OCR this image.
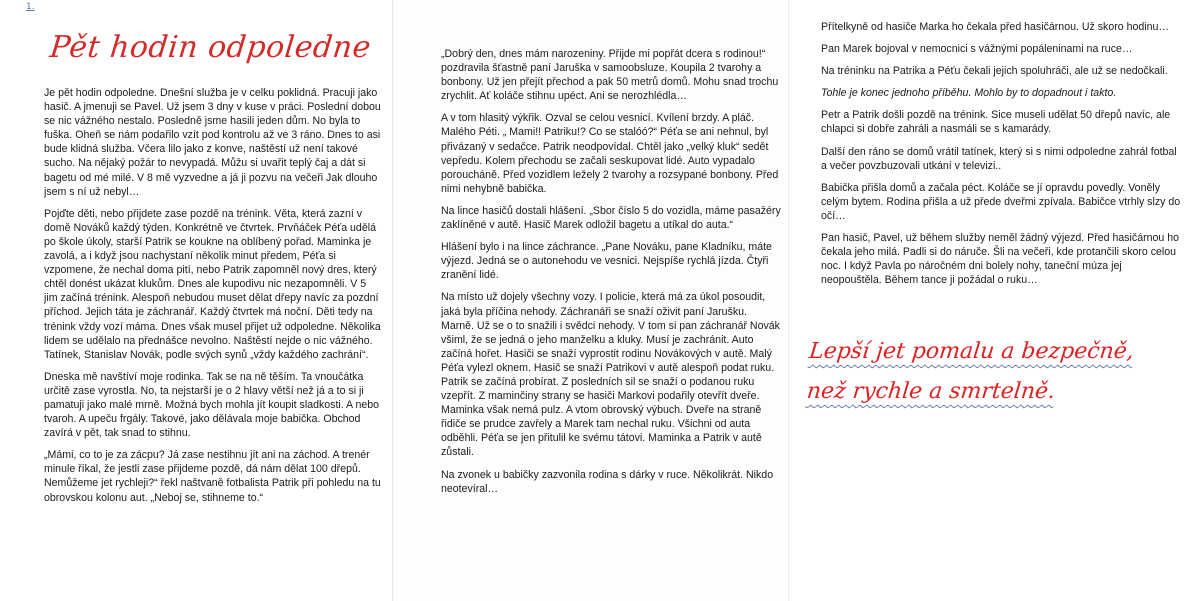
1.
Pět hodin odpoledne

Je pět hodin odpoledne. Dnešní služba je v celku poklidná. Pracuji jako hasič. A jmenuji se Pavel. Už jsem 3 dny v kuse v práci. Poslední dobou se nic vážného nestalo. Posledně jsme hasili jeden dům. No byla to fuška. Oheň se nám podařilo vzít pod kontrolu až ve 3 ráno. Dnes to asi bude klidná služba. Včera lilo jako z konve, naštěstí už není takové sucho. Na nějaký požár to nevypadá. Můžu si uvařit teplý čaj a dát si bagetu od mé milé. V 8 mě vyzvedne a já ji pozvu na večeři Jak dlouho jsem s ní už nebyl…

Pojďte děti, nebo přijdete zase pozdě na trénink. Věta, která zazní v domě Nováků každý týden. Konkrétně ve čtvrtek. Prvňáček Péťa udělá po škole úkoly, starší Patrik se koukne na oblíbený pořad. Maminka je zavolá, a i když jsou nachystaní několik minut předem, Péťa si vzpomene, že nechal doma pití, nebo Patrik zapomněl nový dres, který chtěl donést ukázat klukům. Dnes ale kupodivu nic nezapomněli. V 5 jim začíná trénink. Alespoň nebudou muset dělat dřepy navíc za pozdní příchod. Jejich táta je záchranář. Každý čtvrtek má noční. Děti tedy na trénink vždy vozí máma. Dnes však musel přijet už odpoledne. Několika lidem se udělalo na přednášce nevolno. Naštěstí nejde o nic vážného. Tatínek, Stanislav Novák, podle svých synů „vždy každého zachrání“.

Dneska mě navštíví moje rodinka. Tak se na ně těším. Ta vnoučátka určitě zase vyrostla. No, ta nejstarší je o 2 hlavy větší než já a to si ji pamatuji jako malé mrně. Možná bych mohla jít koupit sladkosti. A nebo tvaroh. A upeču frgály. Takové, jako dělávala moje babička. Obchod zavírá v pět, tak snad to stihnu.

„Mámi, co to je za zácpu? Já zase nestihnu jít ani na záchod. A trenér minule říkal, že jestli zase přijdeme pozdě, dá nám dělat 100 dřepů. Nemůžeme jet rychleji?“ řekl naštvaně fotbalista Patrik při pohledu na tu obrovskou kolonu aut. „Neboj se, stihneme to.“

„Dobrý den, dnes mám narozeniny. Přijde mi popřát dcera s rodinou!“ pozdravila šťastně paní Jaruška v samoobsluze. Koupila 2 tvarohy a bonbony. Už jen přejít přechod a pak 50 metrů domů. Mohu snad trochu zrychlit. Ať koláče stihnu upéct. Ani se nerozhlédla…

A v tom hlasitý výkřik. Ozval se celou vesnicí. Kvílení brzdy. A pláč. Malého Péti. „ Mami!! Patriku!? Co se stalóó?“ Péťa se ani nehnul, byl přivázaný v sedačce. Patrik neodpovídal. Chtěl jako „velký kluk“ sedět vepředu. Kolem přechodu se začali seskupovat lidé. Auto vypadalo poroucháně. Před vozidlem ležely 2 tvarohy a rozsypané bonbony. Před nimi nehybně babička.

Na lince hasičů dostali hlášení. „Sbor číslo 5 do vozidla, máme pasažéry zaklíněné v autě. Hasič Marek odložil bagetu a utíkal do auta.“

Hlášení bylo i na lince záchrance. „Pane Nováku, pane Kladníku, máte výjezd. Jedná se o autonehodu ve vesnici. Nejspíše rychlá jízda. Čtyři zranění lidé.

Na místo už dojely všechny vozy. I policie, která má za úkol posoudit, jaká byla příčina nehody. Záchranáři se snaží oživit paní Jarušku. Marně. Už se o to snažili i svědci nehody. V tom si pan záchranář Novák všiml, že se jedná o jeho manželku a kluky. Musí je zachránit. Auto začíná hořet. Hasiči se snaží vyprostit rodinu Novákových v autě. Malý Péťa vylezl oknem. Hasič se snaží Patrikovi v autě alespoň podat ruku. Patrik se začíná probírat. Z posledních sil se snaží o podanou ruku vzepřít. Z maminčiny strany se hasiči Markovi podařily otevřít dveře. Maminka však nemá pulz. A vtom obrovský výbuch. Dveře na straně řidiče se prudce zavřely a Marek tam nechal ruku. Všichni od auta odběhli. Péťa se jen přitulil ke svému tátovi. Maminka a Patrik v autě zůstali.

Na zvonek u babičky zazvonila rodina s dárky v ruce. Několikrát. Nikdo neotevíral…

Přítelkyně od hasiče Marka ho čekala před hasičárnou. Už skoro hodinu…

Pan Marek bojoval v nemocnici s vážnými popáleninami na ruce…

Na tréninku na Patrika a Péťu čekali jejich spoluhráči, ale už se nedočkali.

Tohle je konec jednoho příběhu. Mohlo by to dopadnout i takto.

Petr a Patrik došli pozdě na trénink. Sice museli udělat 50 dřepů navíc, ale chlapci si dobře zahráli a nasmáli se s kamarády.

Další den ráno se domů vrátil tatínek, který si s nimi odpoledne zahrál fotbal a večer povzbuzovali utkání v televizi..

Babička přišla domů a začala péct. Koláče se jí opravdu povedly. Voněly celým bytem. Rodina přišla a už přede dveřmi zpívala. Babičce vtrhly slzy do očí…

Pan hasič, Pavel, už během služby neměl žádný výjezd. Před hasičárnou ho čekala jeho milá. Padli si do náruče. Šli na večeři, kde protančili skoro celou noc. I když Pavla po náročném dni bolely nohy, taneční múza jej neopouštěla. Během tance ji požádal o ruku…

Lepší jet pomalu a bezpečně,
než rychle a smrtelně.
